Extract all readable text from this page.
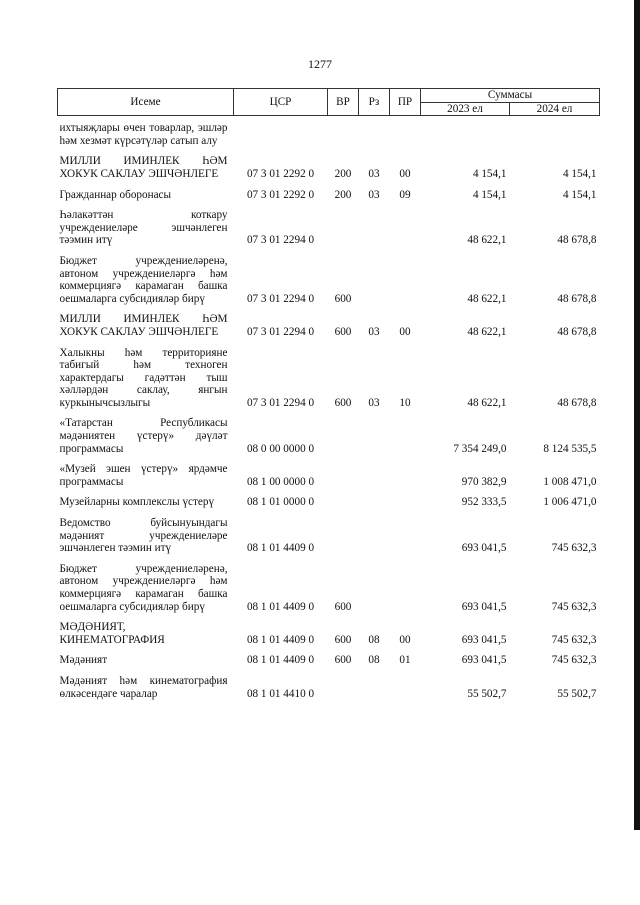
1277
Исеме	ЦСР	ВР	Рз	ПР	Суммасы	
					2023 ел	2024 ел
ихтыяҗлары өчен товарлар, эшләр һәм хезмәт күрсәтүләр сатып алу						
МИЛЛИ ИМИНЛЕК ҺӘМ ХОКУК САКЛАУ ЭШЧӘНЛЕГЕ	07 3 01 2292 0	200	03	00	4 154,1	4 154,1
Гражданнар оборонасы	07 3 01 2292 0	200	03	09	4 154,1	4 154,1
Һәлакәттән коткару учреждениеләре эшчәнлеген тәэмин итү	07 3 01 2294 0				48 622,1	48 678,8
Бюджет учреждениеләренә, автоном учреждениеләргә һәм коммерциягә карамаган башка оешмаларга субсидияләр бирү	07 3 01 2294 0	600			48 622,1	48 678,8
МИЛЛИ ИМИНЛЕК ҺӘМ ХОКУК САКЛАУ ЭШЧӘНЛЕГЕ	07 3 01 2294 0	600	03	00	48 622,1	48 678,8
Халыкны һәм территорияне табигый һәм техноген характердагы гадәттән тыш хәлләрдән саклау, янгын куркынычсызлыгы	07 3 01 2294 0	600	03	10	48 622,1	48 678,8
«Татарстан Республикасы мәдәниятен үстерү» дәүләт программасы	08 0 00 0000 0				7 354 249,0	8 124 535,5
«Музей эшен үстерү» ярдәмче программасы	08 1 00 0000 0				970 382,9	1 008 471,0
Музейларны комплекслы үстерү	08 1 01 0000 0				952 333,5	1 006 471,0
Ведомство буйсынуындагы мәдәният учреждениеләре эшчәнлеген тәэмин итү	08 1 01 4409 0				693 041,5	745 632,3
Бюджет учреждениеләренә, автоном учреждениеләргә һәм коммерциягә карамаган башка оешмаларга субсидияләр бирү	08 1 01 4409 0	600			693 041,5	745 632,3
МӘДӘНИЯТ, КИНЕМАТОГРАФИЯ	08 1 01 4409 0	600	08	00	693 041,5	745 632,3
Мәдәният	08 1 01 4409 0	600	08	01	693 041,5	745 632,3
Мәдәният һәм кинематография өлкәсендәге чаралар	08 1 01 4410 0				55 502,7	55 502,7
